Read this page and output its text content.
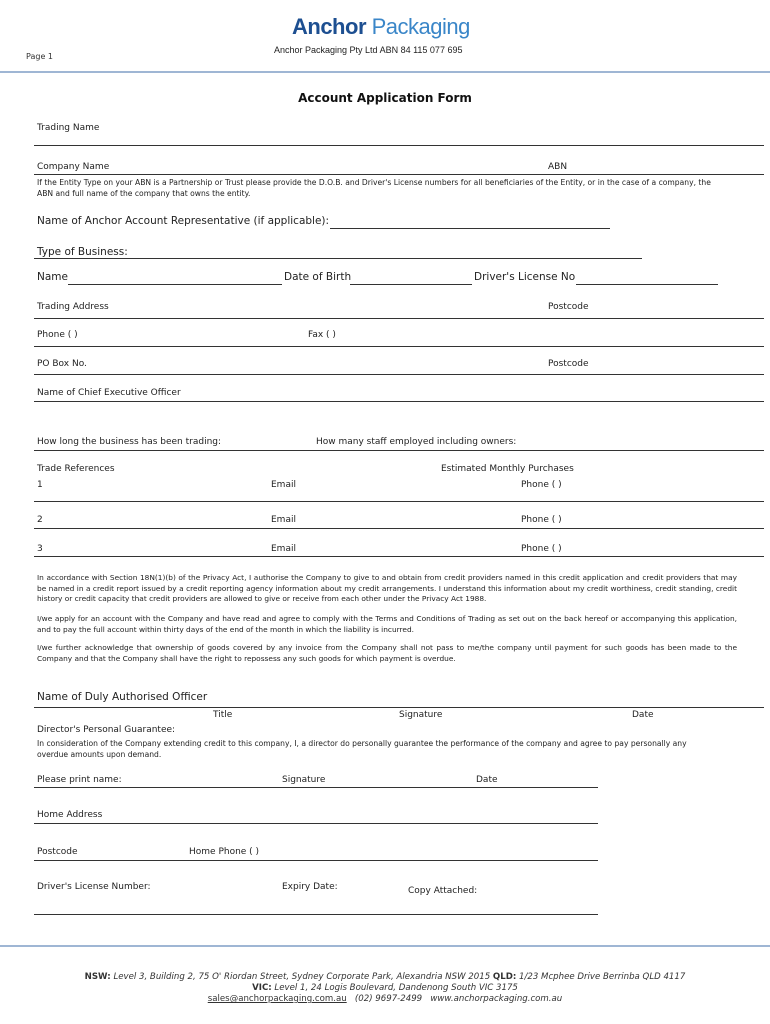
Anchor Packaging
Anchor Packaging Pty Ltd ABN 84 115 077 695
Page 1
Account Application Form
Trading Name
Company Name	ABN
If the Entity Type on your ABN is a Partnership or Trust please provide the D.O.B. and Driver's License numbers for all beneficiaries of the Entity, or in the case of a company, the ABN and full name of the company that owns the entity.
Name of Anchor Account Representative (if applicable):
Type of Business:
Name	Date of Birth	Driver's License No
Trading Address	Postcode
Phone ( )	Fax ( )
PO Box No.	Postcode
Name of Chief Executive Officer
How long the business has been trading:	How many staff employed including owners:
Trade References	Estimated Monthly Purchases
1	Email	Phone ( )
2	Email	Phone ( )
3	Email	Phone ( )
In accordance with Section 18N(1)(b) of the Privacy Act, I authorise the Company to give to and obtain from credit providers named in this credit application and credit providers that may be named in a credit report issued by a credit reporting agency information about my credit arrangements. I understand this information about my credit worthiness, credit standing, credit history or credit capacity that credit providers are allowed to give or receive from each other under the Privacy Act 1988.
I/we apply for an account with the Company and have read and agree to comply with the Terms and Conditions of Trading as set out on the back hereof or accompanying this application, and to pay the full account within thirty days of the end of the month in which the liability is incurred.
I/we further acknowledge that ownership of goods covered by any invoice from the Company shall not pass to me/the company until payment for such goods has been made to the Company and that the Company shall have the right to repossess any such goods for which payment is overdue.
Name of Duly Authorised Officer
Title	Signature	Date
Director's Personal Guarantee:
In consideration of the Company extending credit to this company, I, a director do personally guarantee the performance of the company and agree to pay personally any overdue amounts upon demand.
Please print name:	Signature	Date
Home Address
Postcode	Home Phone ( )
Driver's License Number:	Expiry Date:	Copy Attached:
NSW: Level 3, Building 2, 75 O' Riordan Street, Sydney Corporate Park, Alexandria NSW 2015 QLD: 1/23 Mcphee Drive Berrinba QLD 4117
VIC: Level 1, 24 Logis Boulevard, Dandenong South VIC 3175
sales@anchorpackaging.com.au (02) 9697-2499 www.anchorpackaging.com.au
